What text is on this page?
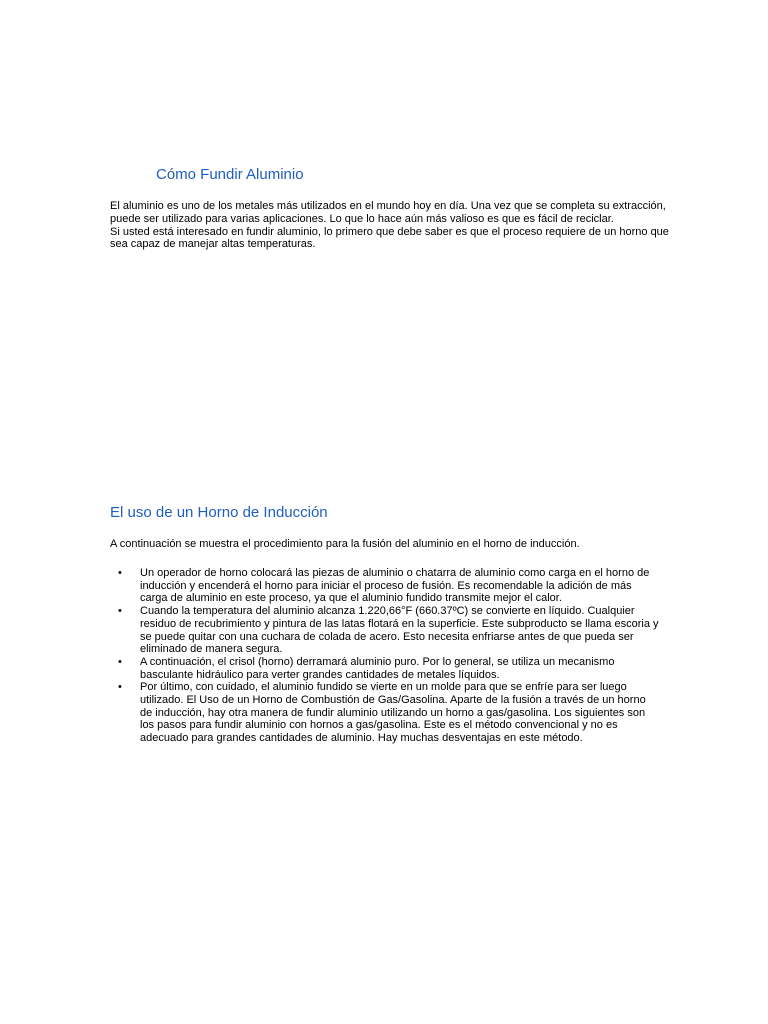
Cómo Fundir Aluminio

El aluminio es uno de los metales más utilizados en el mundo hoy en día. Una vez que se completa su extracción, puede ser utilizado para varias aplicaciones. Lo que lo hace aún más valioso es que es fácil de reciclar.

Si usted está interesado en fundir aluminio, lo primero que debe saber es que el proceso requiere de un horno que sea capaz de manejar altas temperaturas.

El uso de un Horno de Inducción

A continuación se muestra el procedimiento para la fusión del aluminio en el horno de inducción.

• Un operador de horno colocará las piezas de aluminio o chatarra de aluminio como carga en el horno de inducción y encenderá el horno para iniciar el proceso de fusión. Es recomendable la adición de más carga de aluminio en este proceso, ya que el aluminio fundido transmite mejor el calor.
• Cuando la temperatura del aluminio alcanza 1.220,66°F (660.37ºC) se convierte en líquido. Cualquier residuo de recubrimiento y pintura de las latas flotará en la superficie. Este subproducto se llama escoria y se puede quitar con una cuchara de colada de acero. Esto necesita enfriarse antes de que pueda ser eliminado de manera segura.
• A continuación, el crisol (horno) derramará aluminio puro. Por lo general, se utiliza un mecanismo basculante hidráulico para verter grandes cantidades de metales líquidos.
• Por último, con cuidado, el aluminio fundido se vierte en un molde para que se enfríe para ser luego utilizado. El Uso de un Horno de Combustión de Gas/Gasolina. Aparte de la fusión a través de un horno de inducción, hay otra manera de fundir aluminio utilizando un horno a gas/gasolina. Los siguientes son los pasos para fundir aluminio con hornos a gas/gasolina. Este es el método convencional y no es adecuado para grandes cantidades de aluminio. Hay muchas desventajas en este método.
